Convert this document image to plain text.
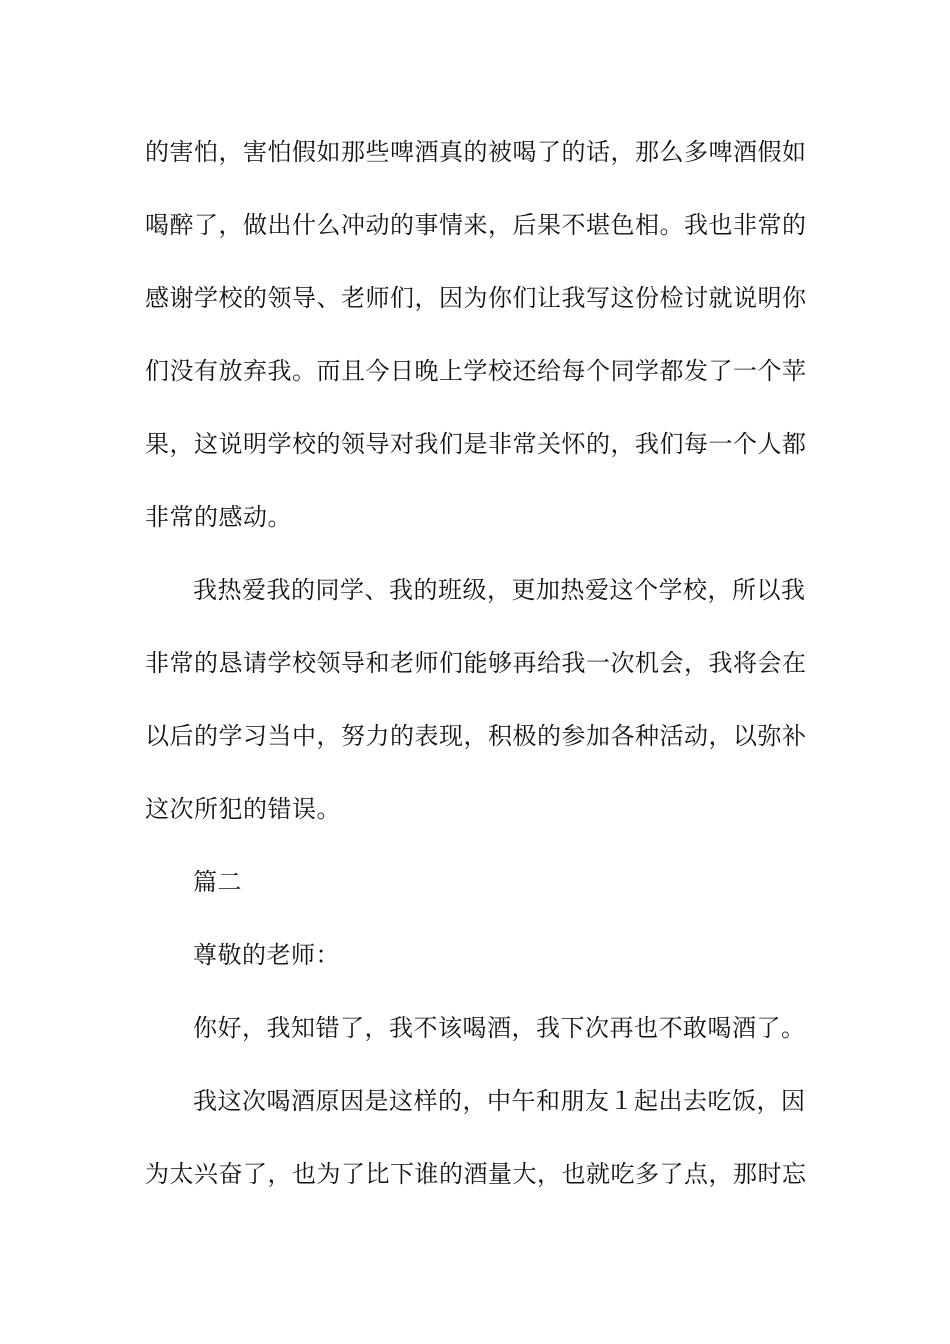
的害怕，害怕假如那些啤酒真的被喝了的话，那么多啤酒假如
喝醉了，做出什么冲动的事情来，后果不堪色相。我也非常的
感谢学校的领导、老师们，因为你们让我写这份检讨就说明你
们没有放弃我。而且今日晚上学校还给每个同学都发了一个苹
果，这说明学校的领导对我们是非常关怀的，我们每一个人都
非常的感动。
我热爱我的同学、我的班级，更加热爱这个学校，所以我
非常的恳请学校领导和老师们能够再给我一次机会，我将会在
以后的学习当中，努力的表现，积极的参加各种活动，以弥补
这次所犯的错误。
篇二
尊敬的老师：
你好，我知错了，我不该喝酒，我下次再也不敢喝酒了。
我这次喝酒原因是这样的，中午和朋友１起出去吃饭，因
为太兴奋了，也为了比下谁的酒量大，也就吃多了点，那时忘
